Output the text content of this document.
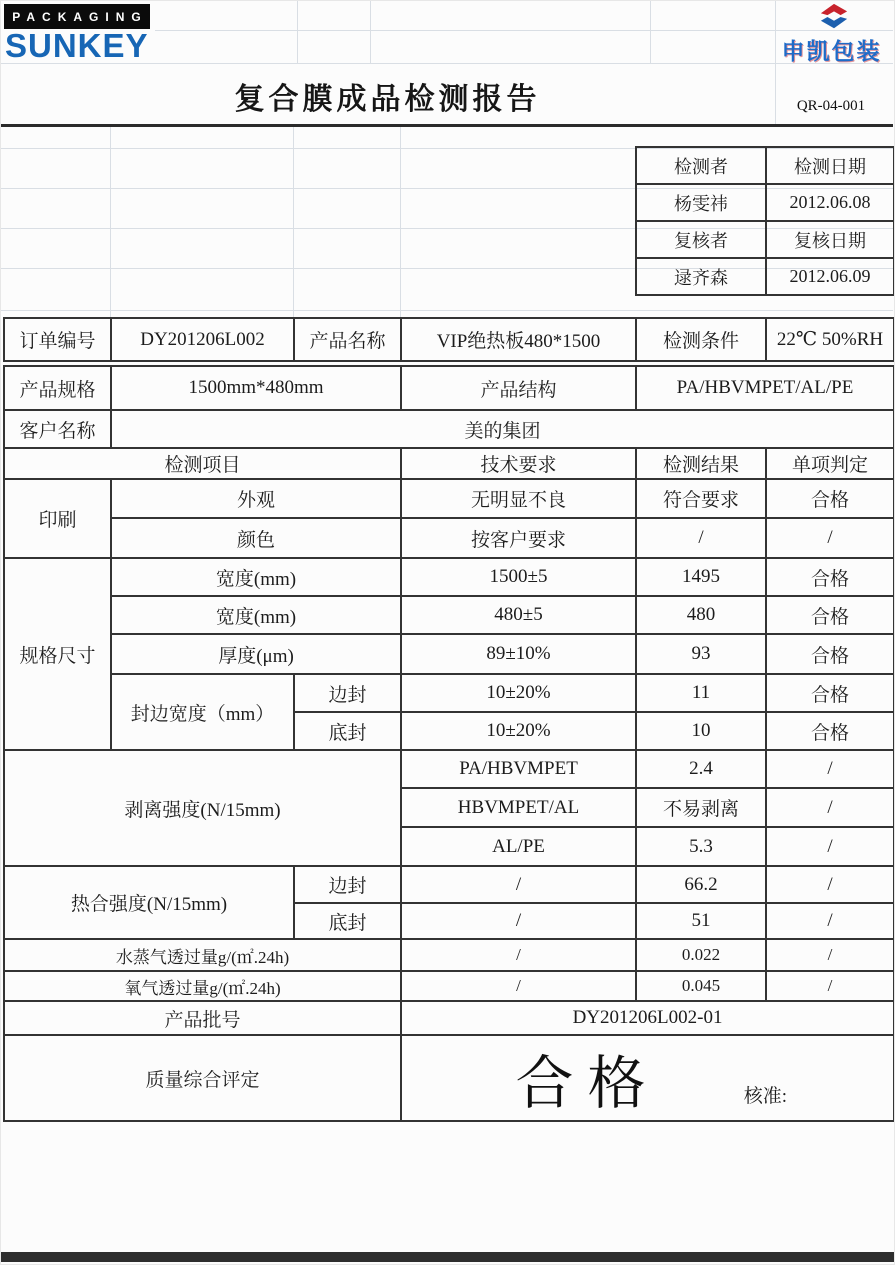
PACKAGING
SUNKEY	申凯包装
复合膜成品检测报告	QR-04-001
检测者	检测日期
杨雯祎	2012.06.08
复核者	复核日期
逯齐森	2012.06.09
订单编号	DY201206L002	产品名称	VIP绝热板480*1500	检测条件	22℃ 50%RH
产品规格	1500mm*480mm		产品结构	PA/HBVMPET/AL/PE	
客户名称	美的集团				
检测项目			技术要求	检测结果	单项判定
印刷	外观		无明显不良	符合要求	合格
	颜色		按客户要求	/	/
规格尺寸	宽度(mm)		1500±5	1495	合格
	宽度(mm)		480±5	480	合格
	厚度(μm)		89±10%	93	合格
	封边宽度（mm）	边封	10±20%	11	合格
		底封	10±20%	10	合格
剥离强度(N/15mm)			PA/HBVMPET	2.4	/
			HBVMPET/AL	不易剥离	/
			AL/PE	5.3	/
热合强度(N/15mm)		边封	/	66.2	/
		底封	/	51	/
水蒸气透过量g/(㎡.24h)			/	0.022	/
氧气透过量g/(㎡.24h)			/	0.045	/
产品批号			DY201206L002-01		
质量综合评定			合格 核准:		
